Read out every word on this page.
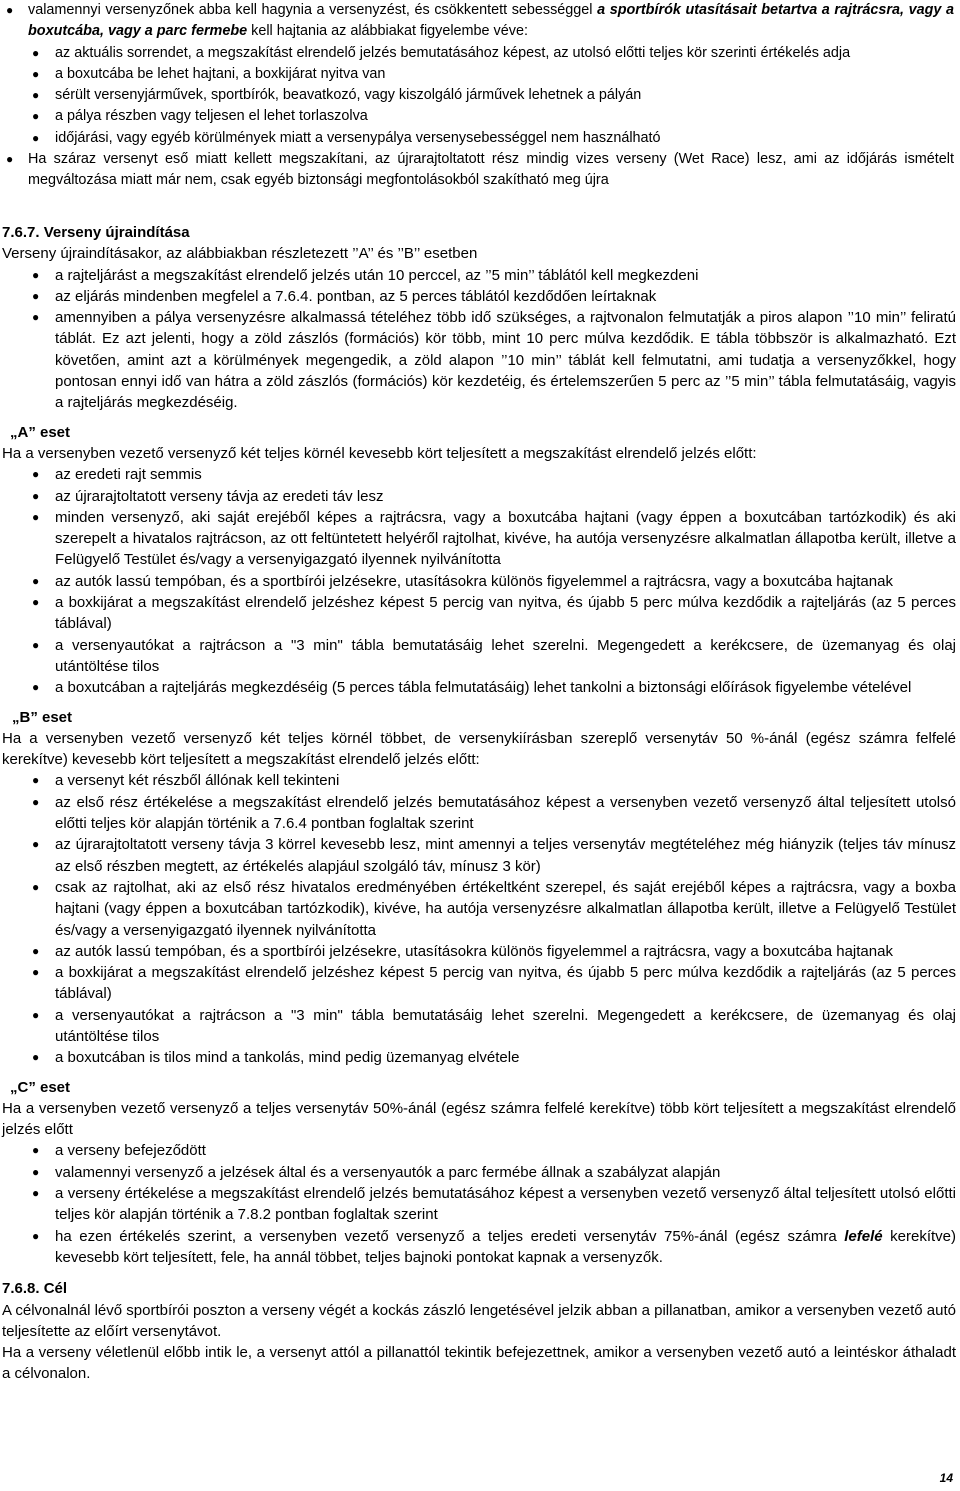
● valamennyi versenyzőnek abba kell hagynia a versenyzést, és csökkentett sebességgel a sportbírók utasításait betartva a rajtrácsra, vagy a boxutcába, vagy a parc fermebe kell hajtania az alábbiakat figyelembe véve:
● az aktuális sorrendet, a megszakítást elrendelő jelzés bemutatásához képest, az utolsó előtti teljes kör szerinti értékelés adja
● a boxutcába be lehet hajtani, a boxkijárat nyitva van
● sérült versenyjárművek, sportbírók, beavatkozó, vagy kiszolgáló járművek lehetnek a pályán
● a pálya részben vagy teljesen el lehet torlaszolva
● időjárási, vagy egyéb körülmények miatt a versenypálya versenysebességgel nem használható
● Ha száraz versenyt eső miatt kellett megszakítani, az újrarajtoltatott rész mindig vizes verseny (Wet Race) lesz, ami az időjárás ismételt megváltozása miatt már nem, csak egyéb biztonsági megfontolásokból szakítható meg újra

7.6.7. Verseny újraindítása

Verseny újraindításakor, az alábbiakban részletezett ’’A’’ és ’’B’’ esetben

● a rajteljárást a megszakítást elrendelő jelzés után 10 perccel, az ’’5 min’’ táblától kell megkezdeni
● az eljárás mindenben megfelel a 7.6.4. pontban, az 5 perces táblától kezdődően leírtaknak
● amennyiben a pálya versenyzésre alkalmassá tételéhez több idő szükséges, a rajtvonalon felmutatják a piros alapon ’’10 min’’ feliratú táblát. Ez azt jelenti, hogy a zöld zászlós (formációs) kör több, mint 10 perc múlva kezdődik. E tábla többször is alkalmazható. Ezt követően, amint azt a körülmények megengedik, a zöld alapon ’’10 min’’ táblát kell felmutatni, ami tudatja a versenyzőkkel, hogy pontosan ennyi idő van hátra a zöld zászlós (formációs) kör kezdetéig, és értelemszerűen 5 perc az ’’5 min’’ tábla felmutatásáig, vagyis a rajteljárás megkezdéséig.

„A” eset

Ha a versenyben vezető versenyző két teljes körnél kevesebb kört teljesített a megszakítást elrendelő jelzés előtt:

● az eredeti rajt semmis
● az újrarajtoltatott verseny távja az eredeti táv lesz
● minden versenyző, aki saját erejéből képes a rajtrácsra, vagy a boxutcába hajtani (vagy éppen a boxutcában tartózkodik) és aki szerepelt a hivatalos rajtrácson, az ott feltüntetett helyéről rajtolhat, kivéve, ha autója versenyzésre alkalmatlan állapotba került, illetve a Felügyelő Testület és/vagy a versenyigazgató ilyennek nyilvánította
● az autók lassú tempóban, és a sportbírói jelzésekre, utasításokra különös figyelemmel a rajtrácsra, vagy a boxutcába hajtanak
● a boxkijárat a megszakítást elrendelő jelzéshez képest 5 percig van nyitva, és újabb 5 perc múlva kezdődik a rajteljárás (az 5 perces táblával)
● a versenyautókat a rajtrácson a "3 min" tábla bemutatásáig lehet szerelni. Megengedett a kerékcsere, de üzemanyag és olaj utántöltése tilos
● a boxutcában a rajteljárás megkezdéséig (5 perces tábla felmutatásáig) lehet tankolni a biztonsági előírások figyelembe vételével

„B” eset

Ha a versenyben vezető versenyző két teljes körnél többet, de versenykiírásban szereplő versenytáv 50 %-ánál (egész számra felfelé kerekítve) kevesebb kört teljesített a megszakítást elrendelő jelzés előtt:

● a versenyt két részből állónak kell tekinteni
● az első rész értékelése a megszakítást elrendelő jelzés bemutatásához képest a versenyben vezető versenyző által teljesített utolsó előtti teljes kör alapján történik a 7.6.4 pontban foglaltak szerint
● az újrarajtoltatott verseny távja 3 körrel kevesebb lesz, mint amennyi a teljes versenytáv megtételéhez még hiányzik (teljes táv mínusz az első részben megtett, az értékelés alapjául szolgáló táv, mínusz 3 kör)
● csak az rajtolhat, aki az első rész hivatalos eredményében értékeltként szerepel, és saját erejéből képes a rajtrácsra, vagy a boxba hajtani (vagy éppen a boxutcában tartózkodik), kivéve, ha autója versenyzésre alkalmatlan állapotba került, illetve a Felügyelő Testület és/vagy a versenyigazgató ilyennek nyilvánította
● az autók lassú tempóban, és a sportbírói jelzésekre, utasításokra különös figyelemmel a rajtrácsra, vagy a boxutcába hajtanak
● a boxkijárat a megszakítást elrendelő jelzéshez képest 5 percig van nyitva, és újabb 5 perc múlva kezdődik a rajteljárás (az 5 perces táblával)
● a versenyautókat a rajtrácson a "3 min" tábla bemutatásáig lehet szerelni. Megengedett a kerékcsere, de üzemanyag és olaj utántöltése tilos
● a boxutcában is tilos mind a tankolás, mind pedig üzemanyag elvétele

„C” eset

Ha a versenyben vezető versenyző a teljes versenytáv 50%-ánál (egész számra felfelé kerekítve) több kört teljesített a megszakítást elrendelő jelzés előtt

● a verseny befejeződött
● valamennyi versenyző a jelzések által és a versenyautók a parc fermébe állnak a szabályzat alapján
● a verseny értékelése a megszakítást elrendelő jelzés bemutatásához képest a versenyben vezető versenyző által teljesített utolsó előtti teljes kör alapján történik a 7.8.2 pontban foglaltak szerint
● ha ezen értékelés szerint, a versenyben vezető versenyző a teljes eredeti versenytáv 75%-ánál (egész számra lefelé kerekítve) kevesebb kört teljesített, fele, ha annál többet, teljes bajnoki pontokat kapnak a versenyzők.

7.6.8. Cél

A célvonalnál lévő sportbírói poszton a verseny végét a kockás zászló lengetésével jelzik abban a pillanatban, amikor a versenyben vezető autó teljesítette az előírt versenytávot.

Ha a verseny véletlenül előbb intik le, a versenyt attól a pillanattól tekintik befejezettnek, amikor a versenyben vezető autó a leintéskor áthaladt a célvonalon.

14
